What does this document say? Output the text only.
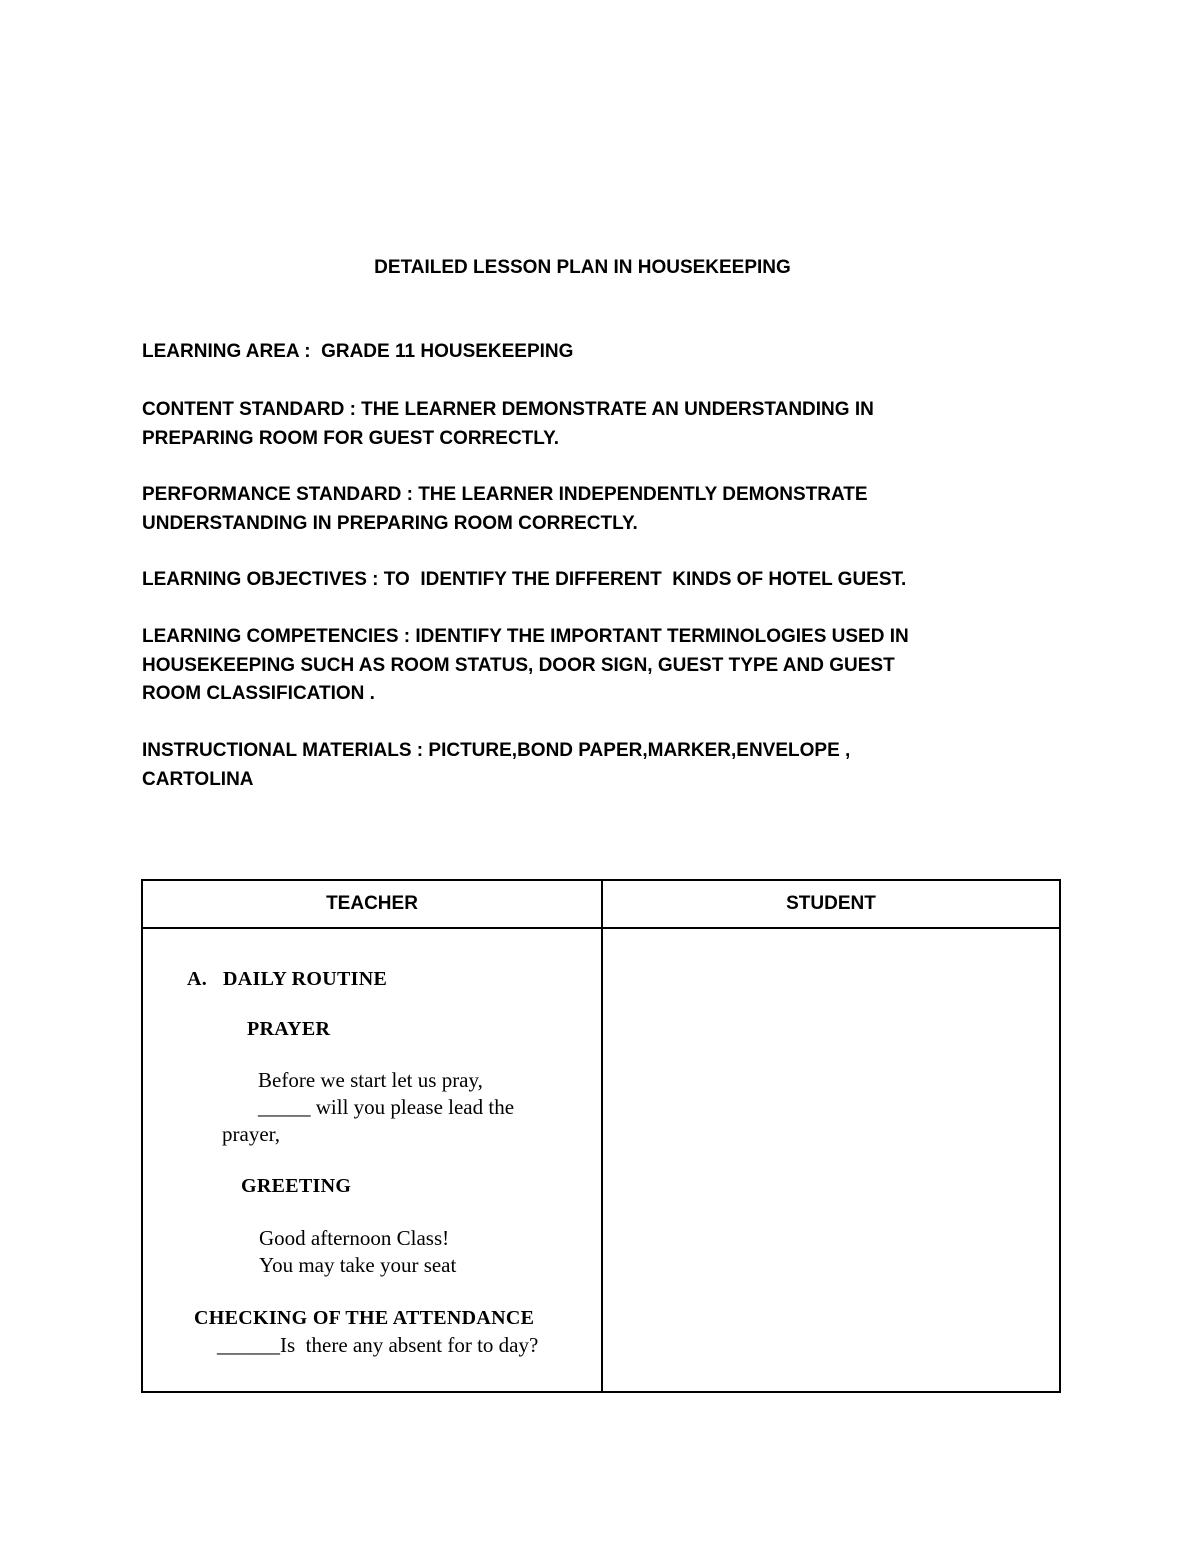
DETAILED LESSON PLAN IN HOUSEKEEPING

LEARNING AREA :  GRADE 11 HOUSEKEEPING

CONTENT STANDARD : THE LEARNER DEMONSTRATE AN UNDERSTANDING IN
PREPARING ROOM FOR GUEST CORRECTLY.

PERFORMANCE STANDARD : THE LEARNER INDEPENDENTLY DEMONSTRATE
UNDERSTANDING IN PREPARING ROOM CORRECTLY.

LEARNING OBJECTIVES : TO  IDENTIFY THE DIFFERENT  KINDS OF HOTEL GUEST.

LEARNING COMPETENCIES : IDENTIFY THE IMPORTANT TERMINOLOGIES USED IN
HOUSEKEEPING SUCH AS ROOM STATUS, DOOR SIGN, GUEST TYPE AND GUEST
ROOM CLASSIFICATION .

INSTRUCTIONAL MATERIALS : PICTURE,BOND PAPER,MARKER,ENVELOPE ,
CARTOLINA

TEACHER	STUDENT
A. DAILY ROUTINE
PRAYER
Before we start let us pray,
_____ will you please lead the
prayer,
GREETING
Good afternoon Class!
You may take your seat
CHECKING OF THE ATTENDANCE
______Is  there any absent for to day?
